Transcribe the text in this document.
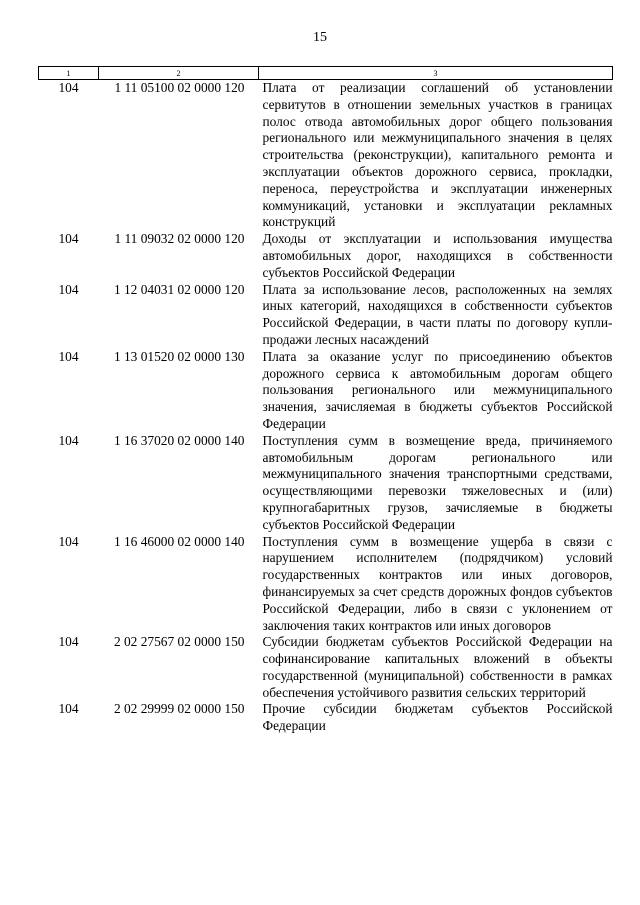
15
1	2	3
104	1 11 05100 02 0000 120	Плата от реализации соглашений об установлении сервитутов в отношении земельных участков в границах полос отвода автомобильных дорог общего пользования регионального или межмуниципального значения в целях строительства (реконструкции), капитального ремонта и эксплуатации объектов дорожного сервиса, прокладки, переноса, переустройства и эксплуатации инженерных коммуникаций, установки и эксплуатации рекламных конструкций
104	1 11 09032 02 0000 120	Доходы от эксплуатации и использования имущества автомобильных дорог, находящихся в собственности субъектов Российской Федерации
104	1 12 04031 02 0000 120	Плата за использование лесов, расположенных на землях иных категорий, находящихся в собственности субъектов Российской Федерации, в части платы по договору купли-продажи лесных насаждений
104	1 13 01520 02 0000 130	Плата за оказание услуг по присоединению объектов дорожного сервиса к автомобильным дорогам общего пользования регионального или межмуниципального значения, зачисляемая в бюджеты субъектов Российской Федерации
104	1 16 37020 02 0000 140	Поступления сумм в возмещение вреда, причиняемого автомобильным дорогам регионального или межмуниципального значения транспортными средствами, осуществляющими перевозки тяжеловесных и (или) крупногабаритных грузов, зачисляемые в бюджеты субъектов Российской Федерации
104	1 16 46000 02 0000 140	Поступления сумм в возмещение ущерба в связи с нарушением исполнителем (подрядчиком) условий государственных контрактов или иных договоров, финансируемых за счет средств дорожных фондов субъектов Российской Федерации, либо в связи с уклонением от заключения таких контрактов или иных договоров
104	2 02 27567 02 0000 150	Субсидии бюджетам субъектов Российской Федерации на софинансирование капитальных вложений в объекты государственной (муниципальной) собственности в рамках обеспечения устойчивого развития сельских территорий
104	2 02 29999 02 0000 150	Прочие субсидии бюджетам субъектов Российской Федерации
